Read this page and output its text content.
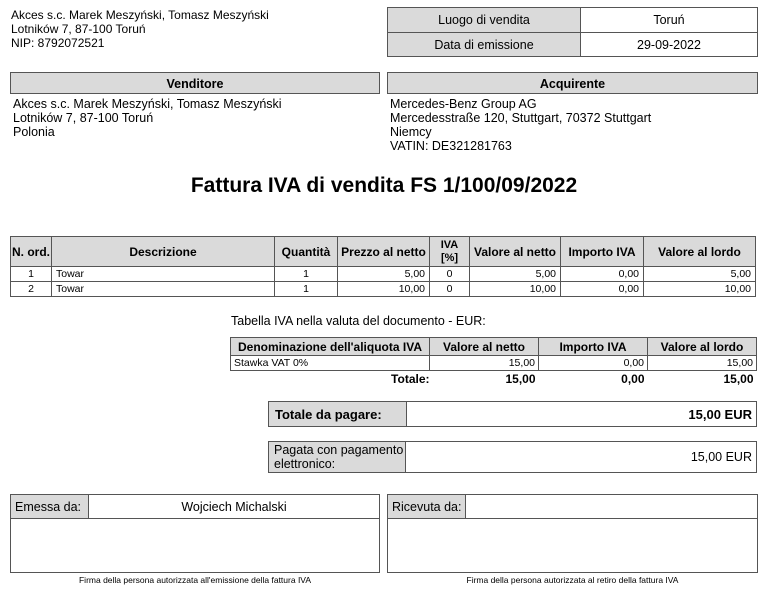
Akces s.c. Marek Meszyński, Tomasz Meszyński
Lotników 7, 87-100 Toruń
NIP: 8792072521
Luogo di vendita	Toruń
Data di emissione	29-09-2022
Venditore
Akces s.c. Marek Meszyński, Tomasz Meszyński
Lotników 7, 87-100 Toruń
Polonia
Acquirente
Mercedes-Benz Group AG
Mercedesstraße 120, Stuttgart, 70372 Stuttgart
Niemcy
VATIN: DE321281763
Fattura IVA di vendita FS 1/100/09/2022
N. ord.	Descrizione	Quantità	Prezzo al netto	IVA [%]	Valore al netto	Importo IVA	Valore al lordo
1	Towar	1	5,00	0	5,00	0,00	5,00
2	Towar	1	10,00	0	10,00	0,00	10,00
Tabella IVA nella valuta del documento - EUR:
Denominazione dell'aliquota IVA	Valore al netto	Importo IVA	Valore al lordo
Stawka VAT 0%	15,00	0,00	15,00
Totale:	15,00	0,00	15,00
Totale da pagare:	15,00 EUR
Pagata con pagamento elettronico:	15,00 EUR
Emessa da:	Wojciech Michalski

Firma della persona autorizzata all'emissione della fattura IVA
Ricevuta da:	

Firma della persona autorizzata al retiro della fattura IVA
